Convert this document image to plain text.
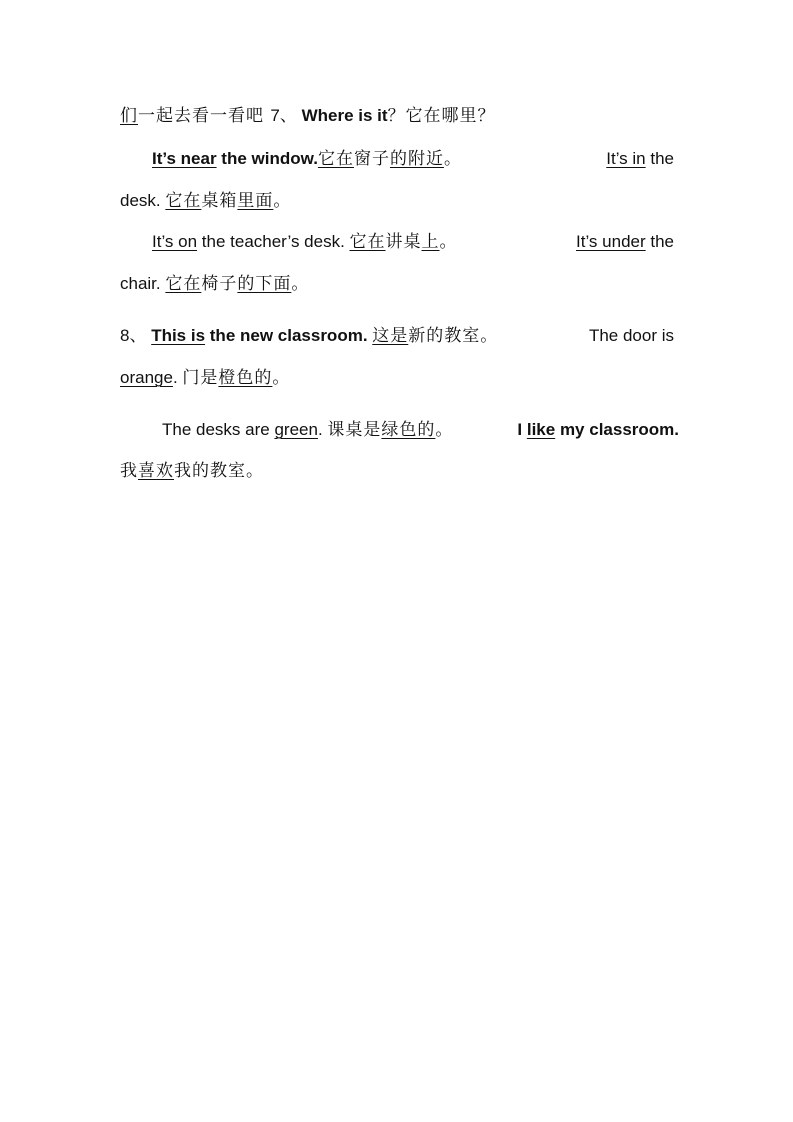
们一起去看一看吧 7、 Where is it？它在哪里？
It’s near the window.它在窗子的附近。	It’s in the
desk. 它在桌箱里面。
It’s on the teacher’s desk. 它在讲桌上。	It’s under the
chair. 它在椅子的下面。
8、 This is the new classroom. 这是新的教室。	The door is
orange. 门是橙色的。
The desks are green. 课桌是绿色的。	I like my classroom.
我喜欢我的教室。
